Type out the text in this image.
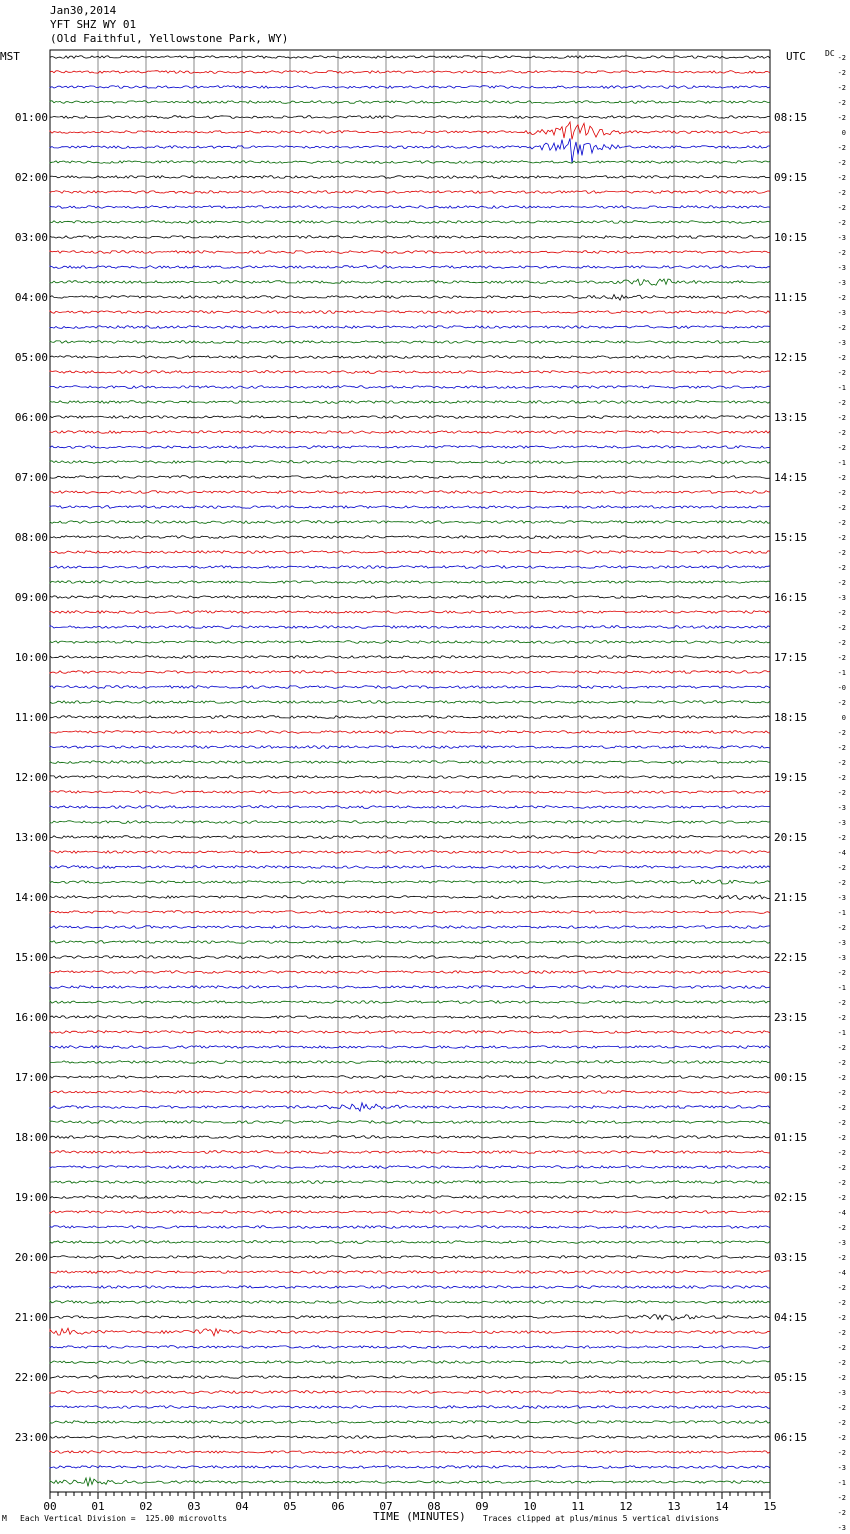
Jan30,2014
YFT SHZ WY 01
(Old Faithful, Yellowstone Park, WY)
MST	UTC DC
01:00
02:00
03:00
04:00
05:00
06:00
07:00
08:00
09:00
10:00
11:00
12:00
13:00
14:00
15:00
16:00
17:00
18:00
19:00
20:00
21:00
22:00
23:00
08:15
09:15
10:15
11:15
12:15
13:15
14:15
15:15
16:15
17:15
18:15
19:15
20:15
21:15
22:15
23:15
00:15
01:15
02:15
03:15
04:15
05:15
06:15
-2
-2
-2
-2
-2
0
-2
-2
-2
-2
-2
-2
-3
-2
-3
-3
-2
-3
-2
-3
-2
-2
-1
-2
-2
-2
-2
-1
-2
-2
-2
-2
-2
-2
-2
-2
-3
-2
-2
-2
-2
-1
-0
-2
0
-2
-2
-2
-2
-2
-3
-3
-2
-4
-2
-2
-3
-1
-2
-3
-3
-2
-1
-2
-2
-1
-2
-2
-2
-2
-2
-2
-2
-2
-2
-2
-2
-4
-2
-3
-2
-4
-2
-2
-2
-2
-2
-2
-2
-3
-2
-2
-2
-2
-3
-1
-2
-2
-3
00	01	02	03	04	05	06	07	08	09	10	11	12	13	14	15
M Each Vertical Division =  125.00 microvolts	TIME (MINUTES) Traces clipped at plus/minus 5 vertical divisions
